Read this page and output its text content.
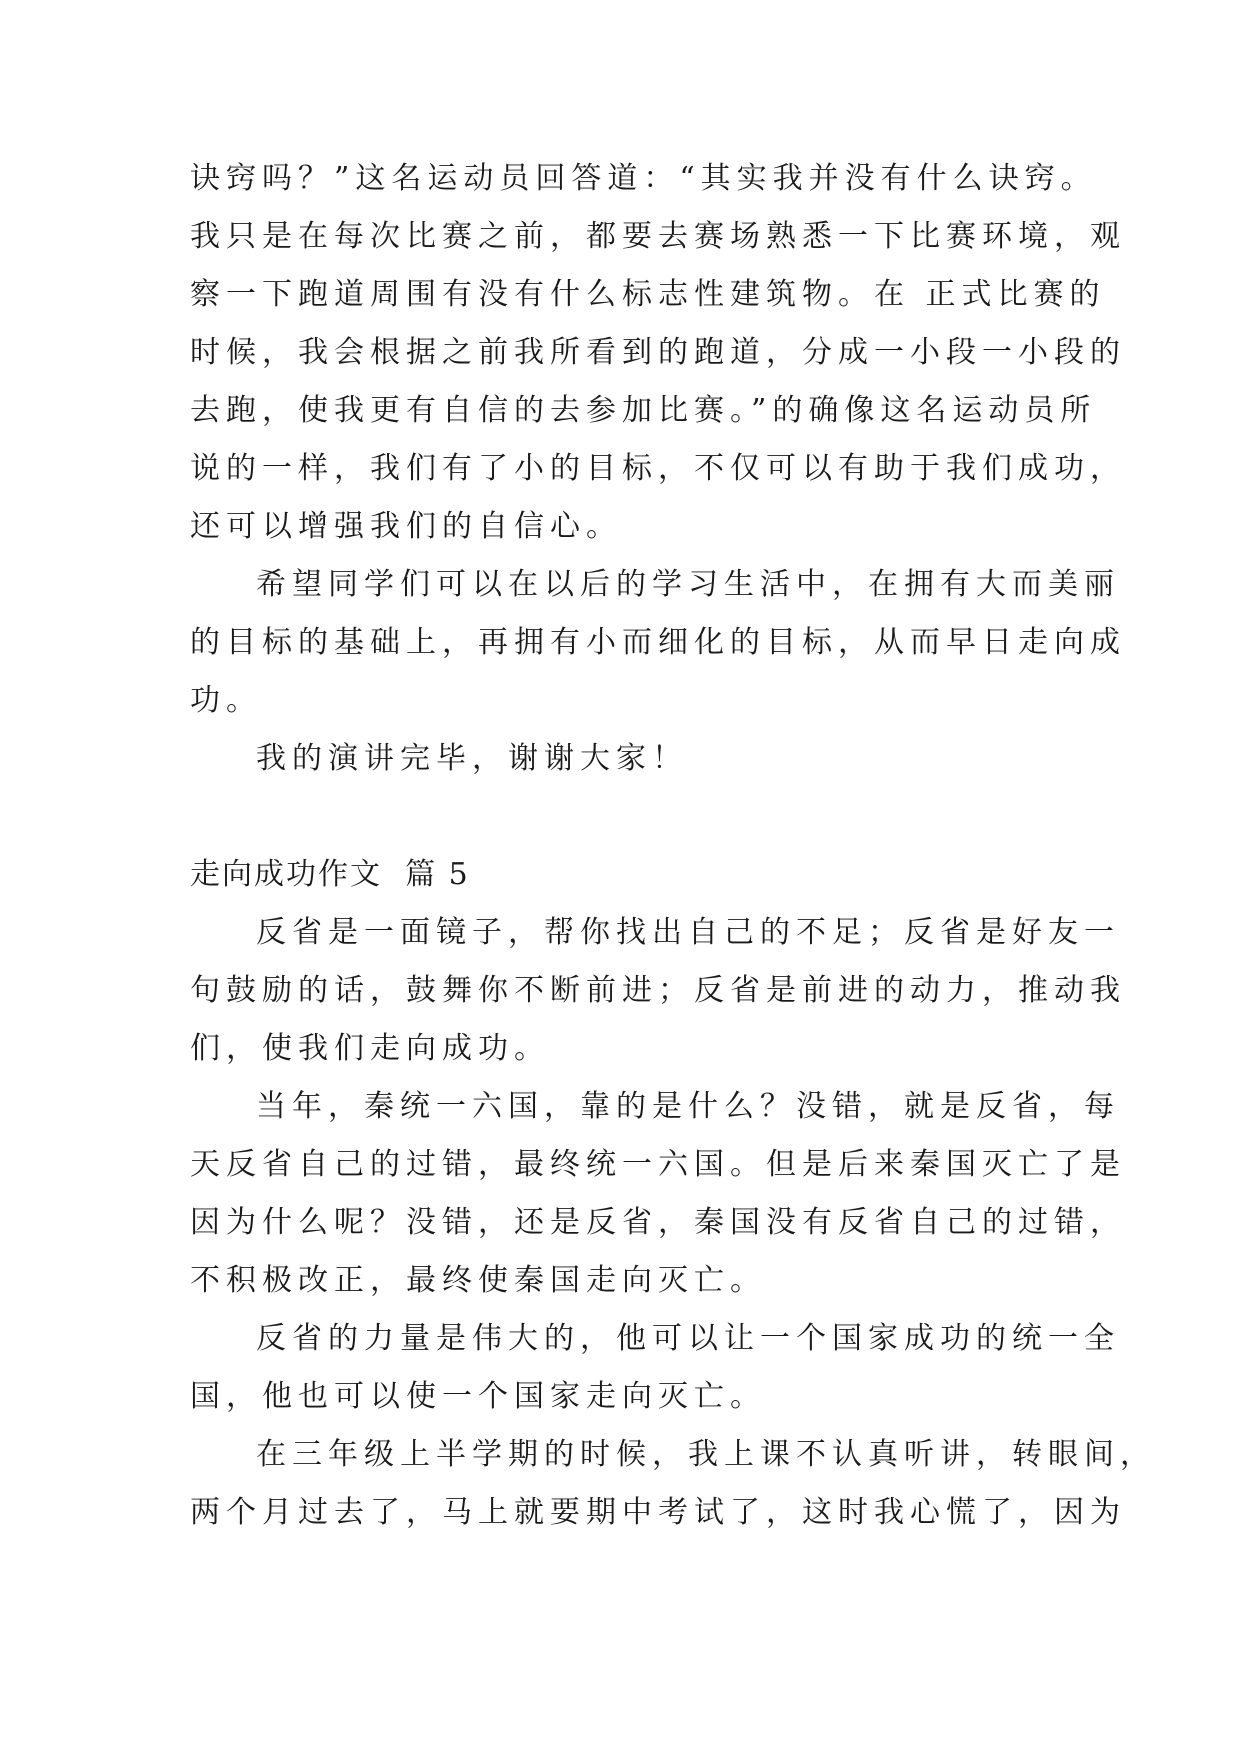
诀窍吗？”这名运动员回答道：“其实我并没有什么诀窍。
我只是在每次比赛之前，都要去赛场熟悉一下比赛环境，观
察一下跑道周围有没有什么标志性建筑物。在 正式比赛的
时候，我会根据之前我所看到的跑道，分成一小段一小段的
去跑，使我更有自信的去参加比赛。”的确像这名运动员所
说的一样，我们有了小的目标，不仅可以有助于我们成功，
还可以增强我们的自信心。
希望同学们可以在以后的学习生活中，在拥有大而美丽
的目标的基础上，再拥有小而细化的目标，从而早日走向成
功。
我的演讲完毕，谢谢大家！
走向成功作文  篇 5
反省是一面镜子，帮你找出自己的不足；反省是好友一
句鼓励的话，鼓舞你不断前进；反省是前进的动力，推动我
们，使我们走向成功。
当年，秦统一六国，靠的是什么？没错，就是反省，每
天反省自己的过错，最终统一六国。但是后来秦国灭亡了是
因为什么呢？没错，还是反省，秦国没有反省自己的过错，
不积极改正，最终使秦国走向灭亡。
反省的力量是伟大的，他可以让一个国家成功的统一全
国，他也可以使一个国家走向灭亡。
在三年级上半学期的时候，我上课不认真听讲，转眼间，
两个月过去了，马上就要期中考试了，这时我心慌了，因为
